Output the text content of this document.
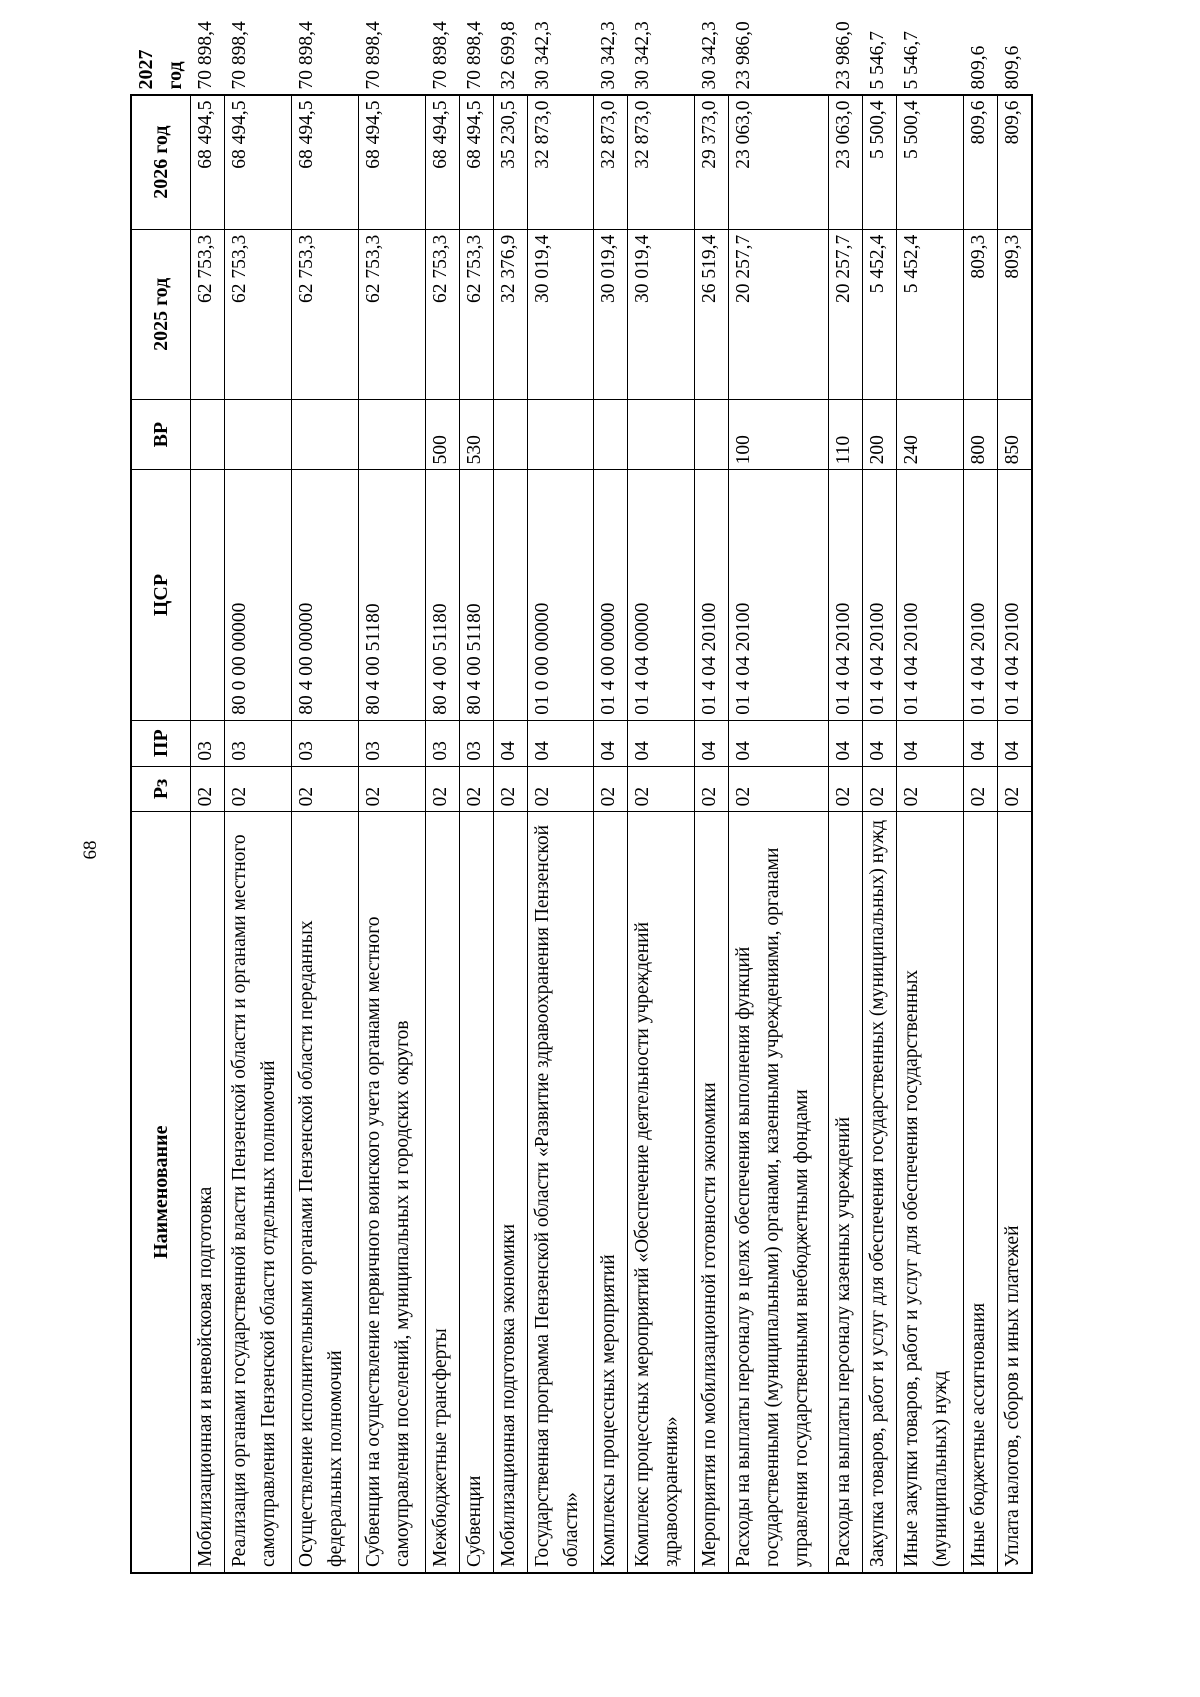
68
Наименование	Рз	ПР	ЦСР	ВР	2025 год	2026 год	2027 год
Мобилизационная и вневойсковая подготовка	02	03			62 753,3	68 494,5	70 898,4
Реализация органами государственной власти Пензенской области и органами местного самоуправления Пензенской области отдельных полномочий	02	03	80 0 00 00000		62 753,3	68 494,5	70 898,4
Осуществление исполнительными органами Пензенской области переданных федеральных полномочий	02	03	80 4 00 00000		62 753,3	68 494,5	70 898,4
Субвенции на осуществление первичного воинского учета органами местного самоуправления поселений, муниципальных и городских округов	02	03	80 4 00 51180		62 753,3	68 494,5	70 898,4
Межбюджетные трансферты	02	03	80 4 00 51180	500	62 753,3	68 494,5	70 898,4
Субвенции	02	03	80 4 00 51180	530	62 753,3	68 494,5	70 898,4
Мобилизационная подготовка экономики	02	04			32 376,9	35 230,5	32 699,8
Государственная программа Пензенской области «Развитие здравоохранения Пензенской области»	02	04	01 0 00 00000		30 019,4	32 873,0	30 342,3
Комплексы процессных мероприятий	02	04	01 4 00 00000		30 019,4	32 873,0	30 342,3
Комплекс процессных мероприятий «Обеспечение деятельности учреждений здравоохранения»	02	04	01 4 04 00000		30 019,4	32 873,0	30 342,3
Мероприятия по мобилизационной готовности экономики	02	04	01 4 04 20100		26 519,4	29 373,0	30 342,3
Расходы на выплаты персоналу в целях обеспечения выполнения функций государственными (муниципальными) органами, казенными учреждениями, органами управления государственными внебюджетными фондами	02	04	01 4 04 20100	100	20 257,7	23 063,0	23 986,0
Расходы на выплаты персоналу казенных учреждений	02	04	01 4 04 20100	110	20 257,7	23 063,0	23 986,0
Закупка товаров, работ и услуг для обеспечения государственных (муниципальных) нужд	02	04	01 4 04 20100	200	5 452,4	5 500,4	5 546,7
Иные закупки товаров, работ и услуг для обеспечения государственных (муниципальных) нужд	02	04	01 4 04 20100	240	5 452,4	5 500,4	5 546,7
Иные бюджетные ассигнования	02	04	01 4 04 20100	800	809,3	809,6	809,6
Уплата налогов, сборов и иных платежей	02	04	01 4 04 20100	850	809,3	809,6	809,6
